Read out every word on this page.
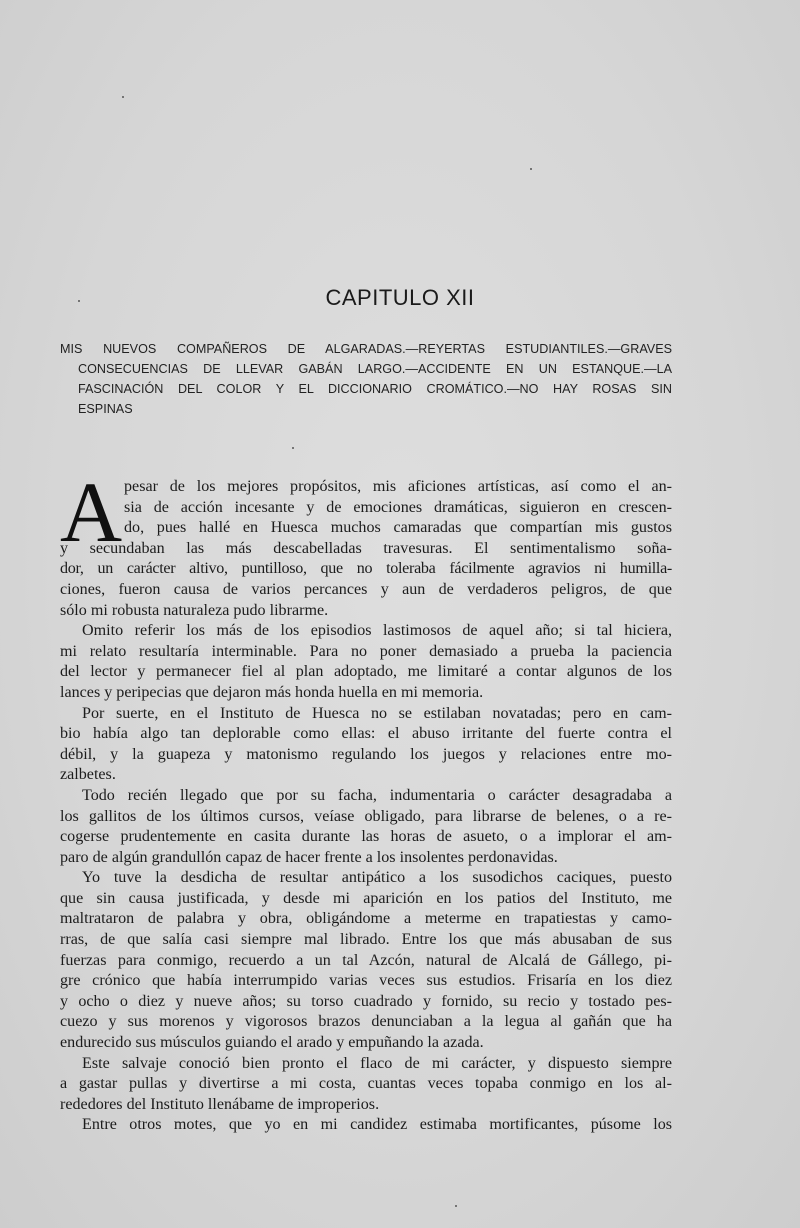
CAPITULO XII
MIS NUEVOS COMPAÑEROS DE ALGARADAS.—REYERTAS ESTUDIANTILES.—GRAVES
CONSECUENCIAS DE LLEVAR GABÁN LARGO.—ACCIDENTE EN UN ESTANQUE.—LA
FASCINACIÓN DEL COLOR Y EL DICCIONARIO CROMÁTICO.—NO HAY ROSAS SIN
ESPINAS
A pesar de los mejores propósitos, mis aficiones artísticas, así como el an-
sia de acción incesante y de emociones dramáticas, siguieron en crescen-
do, pues hallé en Huesca muchos camaradas que compartían mis gustos
y secundaban las más descabelladas travesuras. El sentimentalismo soña-
dor, un carácter altivo, puntilloso, que no toleraba fácilmente agravios ni humilla-
ciones, fueron causa de varios percances y aun de verdaderos peligros, de que
sólo mi robusta naturaleza pudo librarme.
Omito referir los más de los episodios lastimosos de aquel año; si tal hiciera,
mi relato resultaría interminable. Para no poner demasiado a prueba la paciencia
del lector y permanecer fiel al plan adoptado, me limitaré a contar algunos de los
lances y peripecias que dejaron más honda huella en mi memoria.
Por suerte, en el Instituto de Huesca no se estilaban novatadas; pero en cam-
bio había algo tan deplorable como ellas: el abuso irritante del fuerte contra el
débil, y la guapeza y matonismo regulando los juegos y relaciones entre mo-
zalbetes.
Todo recién llegado que por su facha, indumentaria o carácter desagradaba a
los gallitos de los últimos cursos, veíase obligado, para librarse de belenes, o a re-
cogerse prudentemente en casita durante las horas de asueto, o a implorar el am-
paro de algún grandullón capaz de hacer frente a los insolentes perdonavidas.
Yo tuve la desdicha de resultar antipático a los susodichos caciques, puesto
que sin causa justificada, y desde mi aparición en los patios del Instituto, me
maltrataron de palabra y obra, obligándome a meterme en trapatiestas y camo-
rras, de que salía casi siempre mal librado. Entre los que más abusaban de sus
fuerzas para conmigo, recuerdo a un tal Azcón, natural de Alcalá de Gállego, pi-
gre crónico que había interrumpido varias veces sus estudios. Frisaría en los diez
y ocho o diez y nueve años; su torso cuadrado y fornido, su recio y tostado pes-
cuezo y sus morenos y vigorosos brazos denunciaban a la legua al gañán que ha
endurecido sus músculos guiando el arado y empuñando la azada.
Este salvaje conoció bien pronto el flaco de mi carácter, y dispuesto siempre
a gastar pullas y divertirse a mi costa, cuantas veces topaba conmigo en los al-
rededores del Instituto llenábame de improperios.
Entre otros motes, que yo en mi candidez estimaba mortificantes, púsome los
